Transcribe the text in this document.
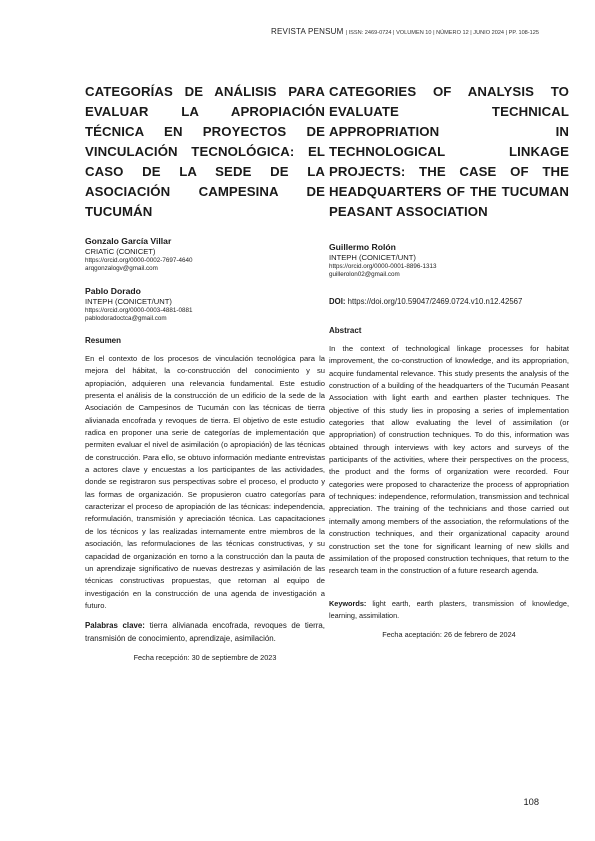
REVISTA PENSUM | ISSN: 2469-0724 | VOLUMEN 10 | NÚMERO 12 | JUNIO 2024 | PP. 108-125
CATEGORÍAS DE ANÁLISIS PARA EVALUAR LA APROPIACIÓN TÉCNICA EN PROYECTOS DE VINCULACIÓN TECNOLÓGICA: EL CASO DE LA SEDE DE LA ASOCIACIÓN CAMPESINA DE TUCUMÁN

Gonzalo García Villar

CRIATiC (CONICET)

https://orcid.org/0000-0002-7697-4640

arqgonzalogv@gmail.com

Pablo Dorado

INTEPH (CONICET/UNT)

https://orcid.org/0000-0003-4881-0881

pablodoradoctca@gmail.com

Resumen

En el contexto de los procesos de vinculación tecnológica para la mejora del hábitat, la co-construcción del conocimiento y su apropiación, adquieren una relevancia fundamental. Este estudio presenta el análisis de la construcción de un edificio de la sede de la Asociación de Campesinos de Tucumán con las técnicas de tierra alivianada encofrada y revoques de tierra. El objetivo de este estudio radica en proponer una serie de categorías de implementación que permiten evaluar el nivel de asimilación (o apropiación) de las técnicas de construcción. Para ello, se obtuvo información mediante entrevistas a actores clave y encuestas a los participantes de las actividades, donde se registraron sus perspectivas sobre el proceso, el producto y las formas de organización. Se propusieron cuatro categorías para caracterizar el proceso de apropiación de las técnicas: independencia, reformulación, transmisión y apreciación técnica. Las capacitaciones de los técnicos y las realizadas internamente entre miembros de la asociación, las reformulaciones de las técnicas constructivas, y su capacidad de organización en torno a la construcción dan la pauta de un aprendizaje significativo de nuevas destrezas y asimilación de las técnicas constructivas propuestas, que retornan al equipo de investigación en la construcción de una agenda de investigación a futuro.

Palabras clave: tierra alivianada encofrada, revoques de tierra, transmisión de conocimiento, aprendizaje, asimilación.

Fecha recepción: 30 de septiembre de 2023

CATEGORIES OF ANALYSIS TO EVALUATE TECHNICAL APPROPRIATION IN TECHNOLOGICAL LINKAGE PROJECTS: THE CASE OF THE HEADQUARTERS OF THE TUCUMAN PEASANT ASSOCIATION

Guillermo Rolón

INTEPH (CONICET/UNT)

https://orcid.org/0000-0001-8896-1313

guillerolon02@gmail.com

DOI: https://doi.org/10.59047/2469.0724.v10.n12.42567

Abstract

In the context of technological linkage processes for habitat improvement, the co-construction of knowledge, and its appropriation, acquire fundamental relevance. This study presents the analysis of the construction of a building of the headquarters of the Tucumán Peasant Association with light earth and earthen plaster techniques. The objective of this study lies in proposing a series of implementation categories that allow evaluating the level of assimilation (or appropriation) of construction techniques. To do this, information was obtained through interviews with key actors and surveys of the participants of the activities, where their perspectives on the process, the product and the forms of organization were recorded. Four categories were proposed to characterize the process of appropriation of techniques: independence, reformulation, transmission and technical appreciation. The training of the technicians and those carried out internally among members of the association, the reformulations of the construction techniques, and their organizational capacity around construction set the tone for significant learning of new skills and assimilation of the proposed construction techniques, that return to the research team in the construction of a future research agenda.

Keywords: light earth, earth plasters, transmission of knowledge, learning, assimilation.

Fecha aceptación: 26 de febrero de 2024

108
